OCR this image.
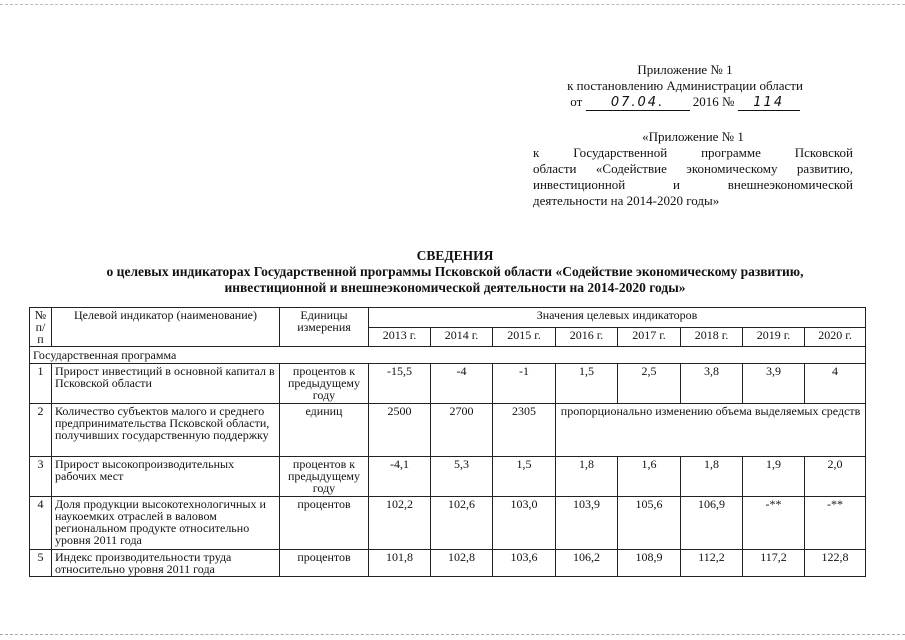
Приложение № 1
к постановлению Администрации области
от 07.04. 2016 № 114
«Приложение № 1
к Государственной программе Псковской
области «Содействие экономическому развитию,
инвестиционной и внешнеэкономической
деятельности на 2014-2020 годы»
СВЕДЕНИЯ
о целевых индикаторах Государственной программы Псковской области «Содействие экономическому развитию,
инвестиционной и внешнеэкономической деятельности на 2014-2020 годы»
№ п/п	Целевой индикатор (наименование)	Единицы измерения	Значения целевых индикаторов							
			2013 г.	2014 г.	2015 г.	2016 г.	2017 г.	2018 г.	2019 г.	2020 г.
Государственная программа										
1	Прирост инвестиций в основной капитал в Псковской области	процентов к предыдущему году	-15,5	-4	-1	1,5	2,5	3,8	3,9	4
2	Количество субъектов малого и среднего предпринимательства Псковской области, получивших государственную поддержку	единиц	2500	2700	2305	пропорционально изменению объема выделяемых средств				
3	Прирост высокопроизводительных рабочих мест	процентов к предыдущему году	-4,1	5,3	1,5	1,8	1,6	1,8	1,9	2,0
4	Доля продукции высокотехнологичных и наукоемких отраслей в валовом региональном продукте относительно уровня 2011 года	процентов	102,2	102,6	103,0	103,9	105,6	106,9	-**	-**
5	Индекс производительности труда относительно уровня 2011 года	процентов	101,8	102,8	103,6	106,2	108,9	112,2	117,2	122,8
